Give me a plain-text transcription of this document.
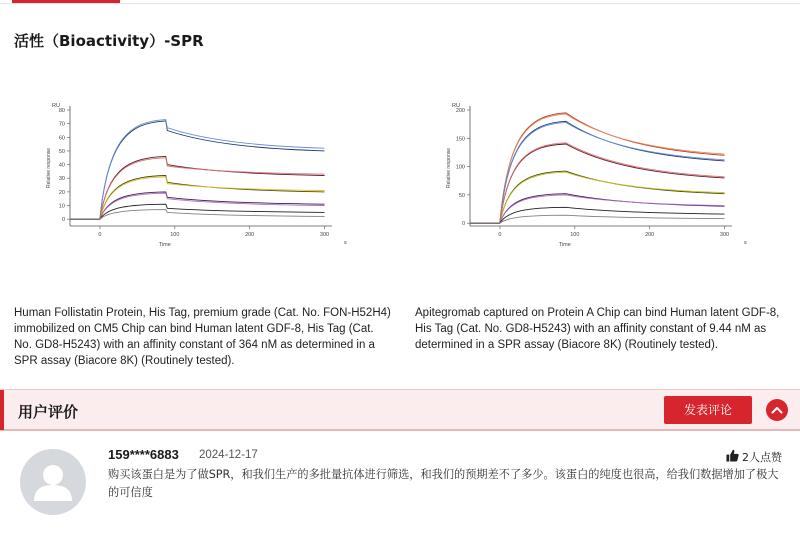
活性（Bioactivity）-SPR
0
10
20
30
40
50
60
70
80
0	100	200	300
RU
s
Time
Relative response
0
50
100
150
200
0	100	200	300
RU
s
Time
Relative response

Human Follistatin Protein, His Tag, premium grade (Cat. No. FON-H52H4) immobilized on CM5 Chip can bind Human latent GDF-8, His Tag (Cat. No. GD8-H5243) with an affinity constant of 364 nM as determined in a SPR assay (Biacore 8K) (Routinely tested).

Apitegromab captured on Protein A Chip can bind Human latent GDF-8, His Tag (Cat. No. GD8-H5243) with an affinity constant of 9.44 nM as determined in a SPR assay (Biacore 8K) (Routinely tested).

用户评价	发表评论
159****6883 2024-12-17	2人点赞

购买该蛋白是为了做SPR，和我们生产的多批量抗体进行筛选，和我们的预期差不了多少。该蛋白的纯度也很高，给我们数据增加了极大的可信度
